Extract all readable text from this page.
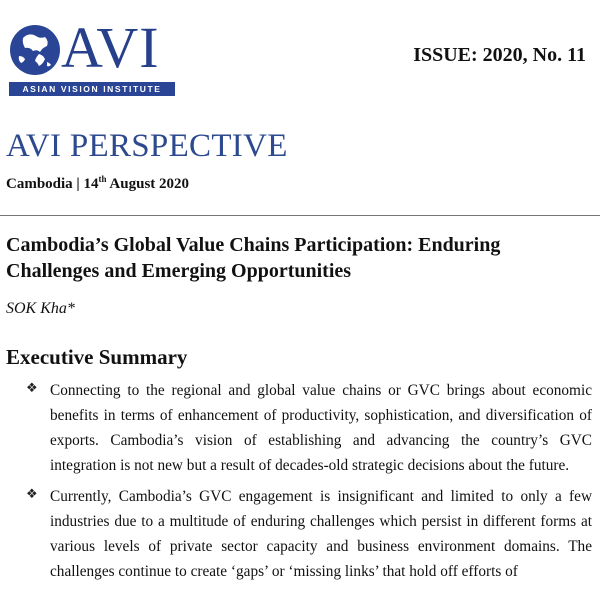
AVI
ASIAN VISION INSTITUTE
ISSUE: 2020, No. 11
AVI PERSPECTIVE
Cambodia | 14th August 2020
Cambodia’s Global Value Chains Participation: Enduring Challenges and Emerging Opportunities
SOK Kha*
Executive Summary
❖ Connecting to the regional and global value chains or GVC brings about economic benefits in terms of enhancement of productivity, sophistication, and diversification of exports. Cambodia’s vision of establishing and advancing the country’s GVC integration is not new but a result of decades-old strategic decisions about the future.
❖ Currently, Cambodia’s GVC engagement is insignificant and limited to only a few industries due to a multitude of enduring challenges which persist in different forms at various levels of private sector capacity and business environment domains. The challenges continue to create ‘gaps’ or ‘missing links’ that hold off efforts of
